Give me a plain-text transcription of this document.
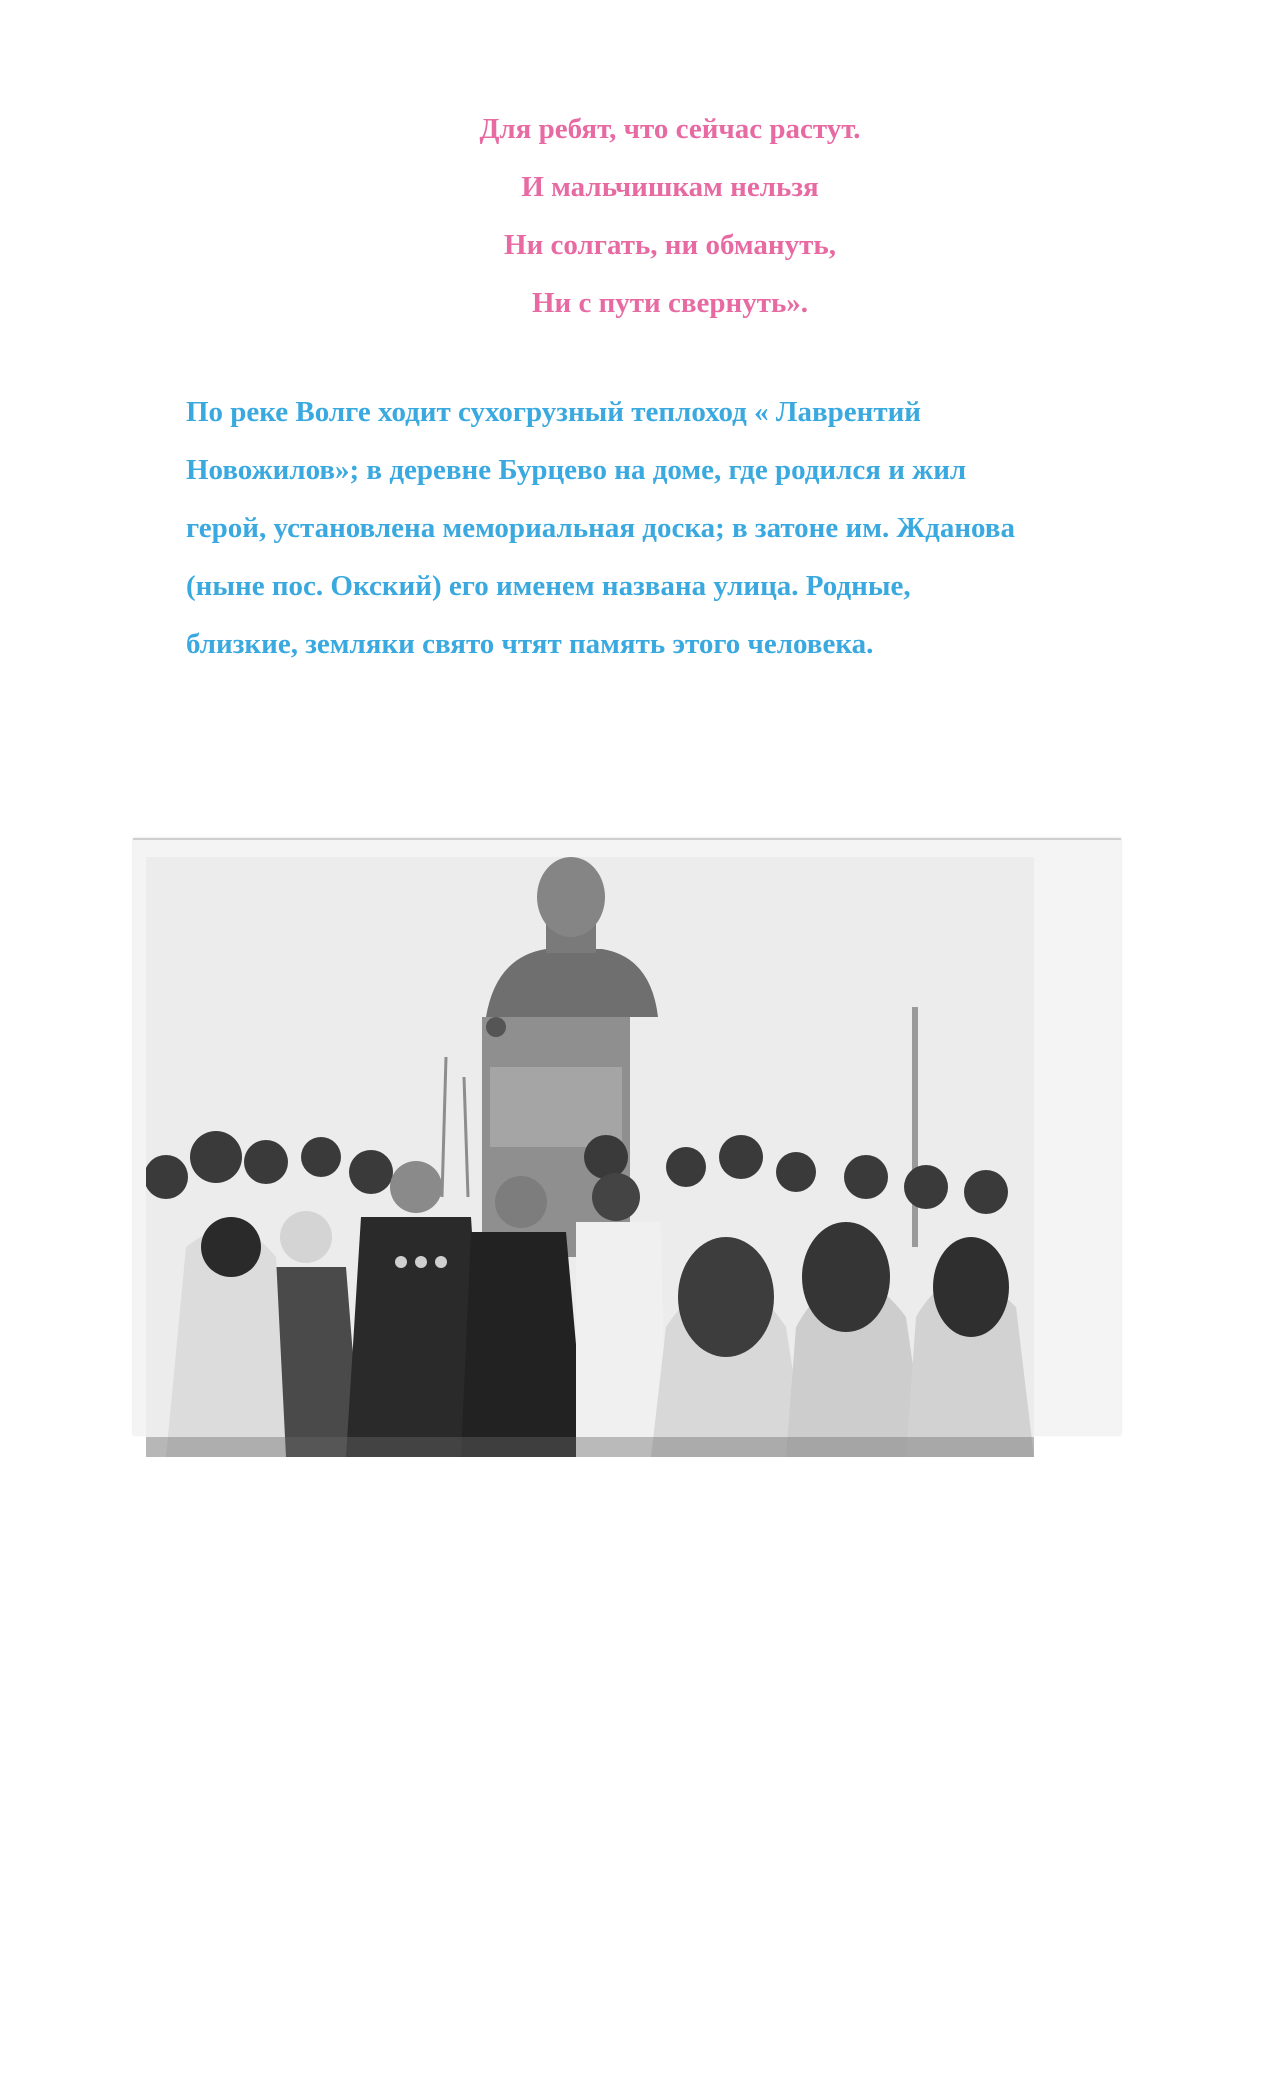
Для ребят, что сейчас растут.
И мальчишкам нельзя
Ни солгать, ни обмануть,
Ни с пути свернуть».
По реке Волге ходит сухогрузный теплоход « Лаврентий
Новожилов»; в деревне Бурцево на доме, где родился и жил
герой, установлена мемориальная доска; в затоне им. Жданова
(ныне пос. Окский) его именем названа улица. Родные,
близкие, земляки свято чтят память этого человека.
